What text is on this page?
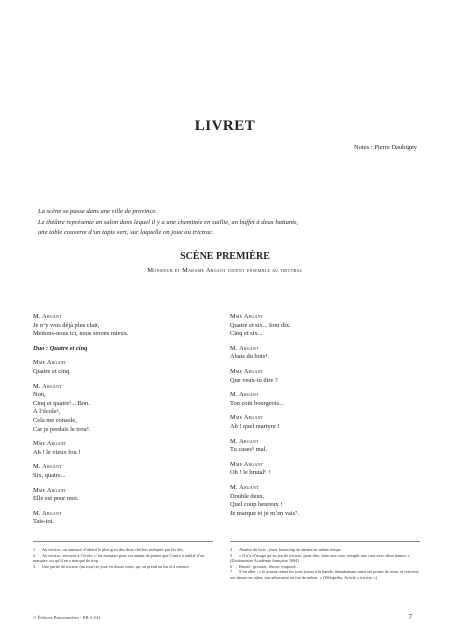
LIVRET
Notes : Pierre Daubigny
La scène se passe dans une ville de province.
Le théâtre représente un salon dans lequel il y a une cheminée en saillie, un buffet à deux battants,
une table couverte d’un tapis vert, sur laquelle on joue au trictrac.
SCÈNE PREMIÈRE
Monsieur et Madame Argant jouent ensemble au trictrac
M. Argant
Je n’y vois déjà plus clair,
Mettons-nous ici, nous serons mieux.
Duo : Quatre et cinq
Mme Argant
Quatre et cinq.
M. Argant
Non,
Cinq et quatre¹... Bon.
À l’école²,
Cela me console,
Car je perdais le trou³.
Mme Argant
Ah ! le vieux fou !
M. Argant
Six, quatre...
Mme Argant
Elle est pour moi.
M. Argant
Tais-toi.
Mme Argant
Quatre et six... font dix.
Cinq et six...
M. Argant
Abats du bois⁴.
Mme Argant
Que veux-tu dire ?
M. Argant
Ton coin bourgeois...
Mme Argant
Ah ! quel martyre !
M. Argant
Tu cases⁵ mal.
Mme Argant
Oh ! le brutal⁶ !
M. Argant
Double deux.
Quel coup heureux !
Je marque et je m’en vais⁷.
1 Au trictrac, on annonce d’abord le plus gros des deux chiffres indiqués par les dés.
2 Au trictrac, envoyer à l’école, c’est marquer pour soi autant de points que l’autre a oublié d’en marquer, ou qu’il en a marqué de trop.
3 Une partie de trictrac (un trou) se joue en douze trous, qu’on prend au fur et à mesure.
4 Abattre du bois : jouer beaucoup de dames en même temps.
5 « Il n’a d’usage qu’au jeu de trictrac, pour dire, faire une case, remplir une case avec deux dames. » (Dictionnaire Académie française 1694)
6 Brutal : grossier, féroce, emporté.
7 S’en aller : « le joueur remet les trois jetons à la bande, abandonnant ainsi ses points de reste, et renverse ses dames en talon, son adversaire en fait de même. » (Wikipedia, Article « trictrac »)
© Éditions Buissonnières - EB-2-234	7
